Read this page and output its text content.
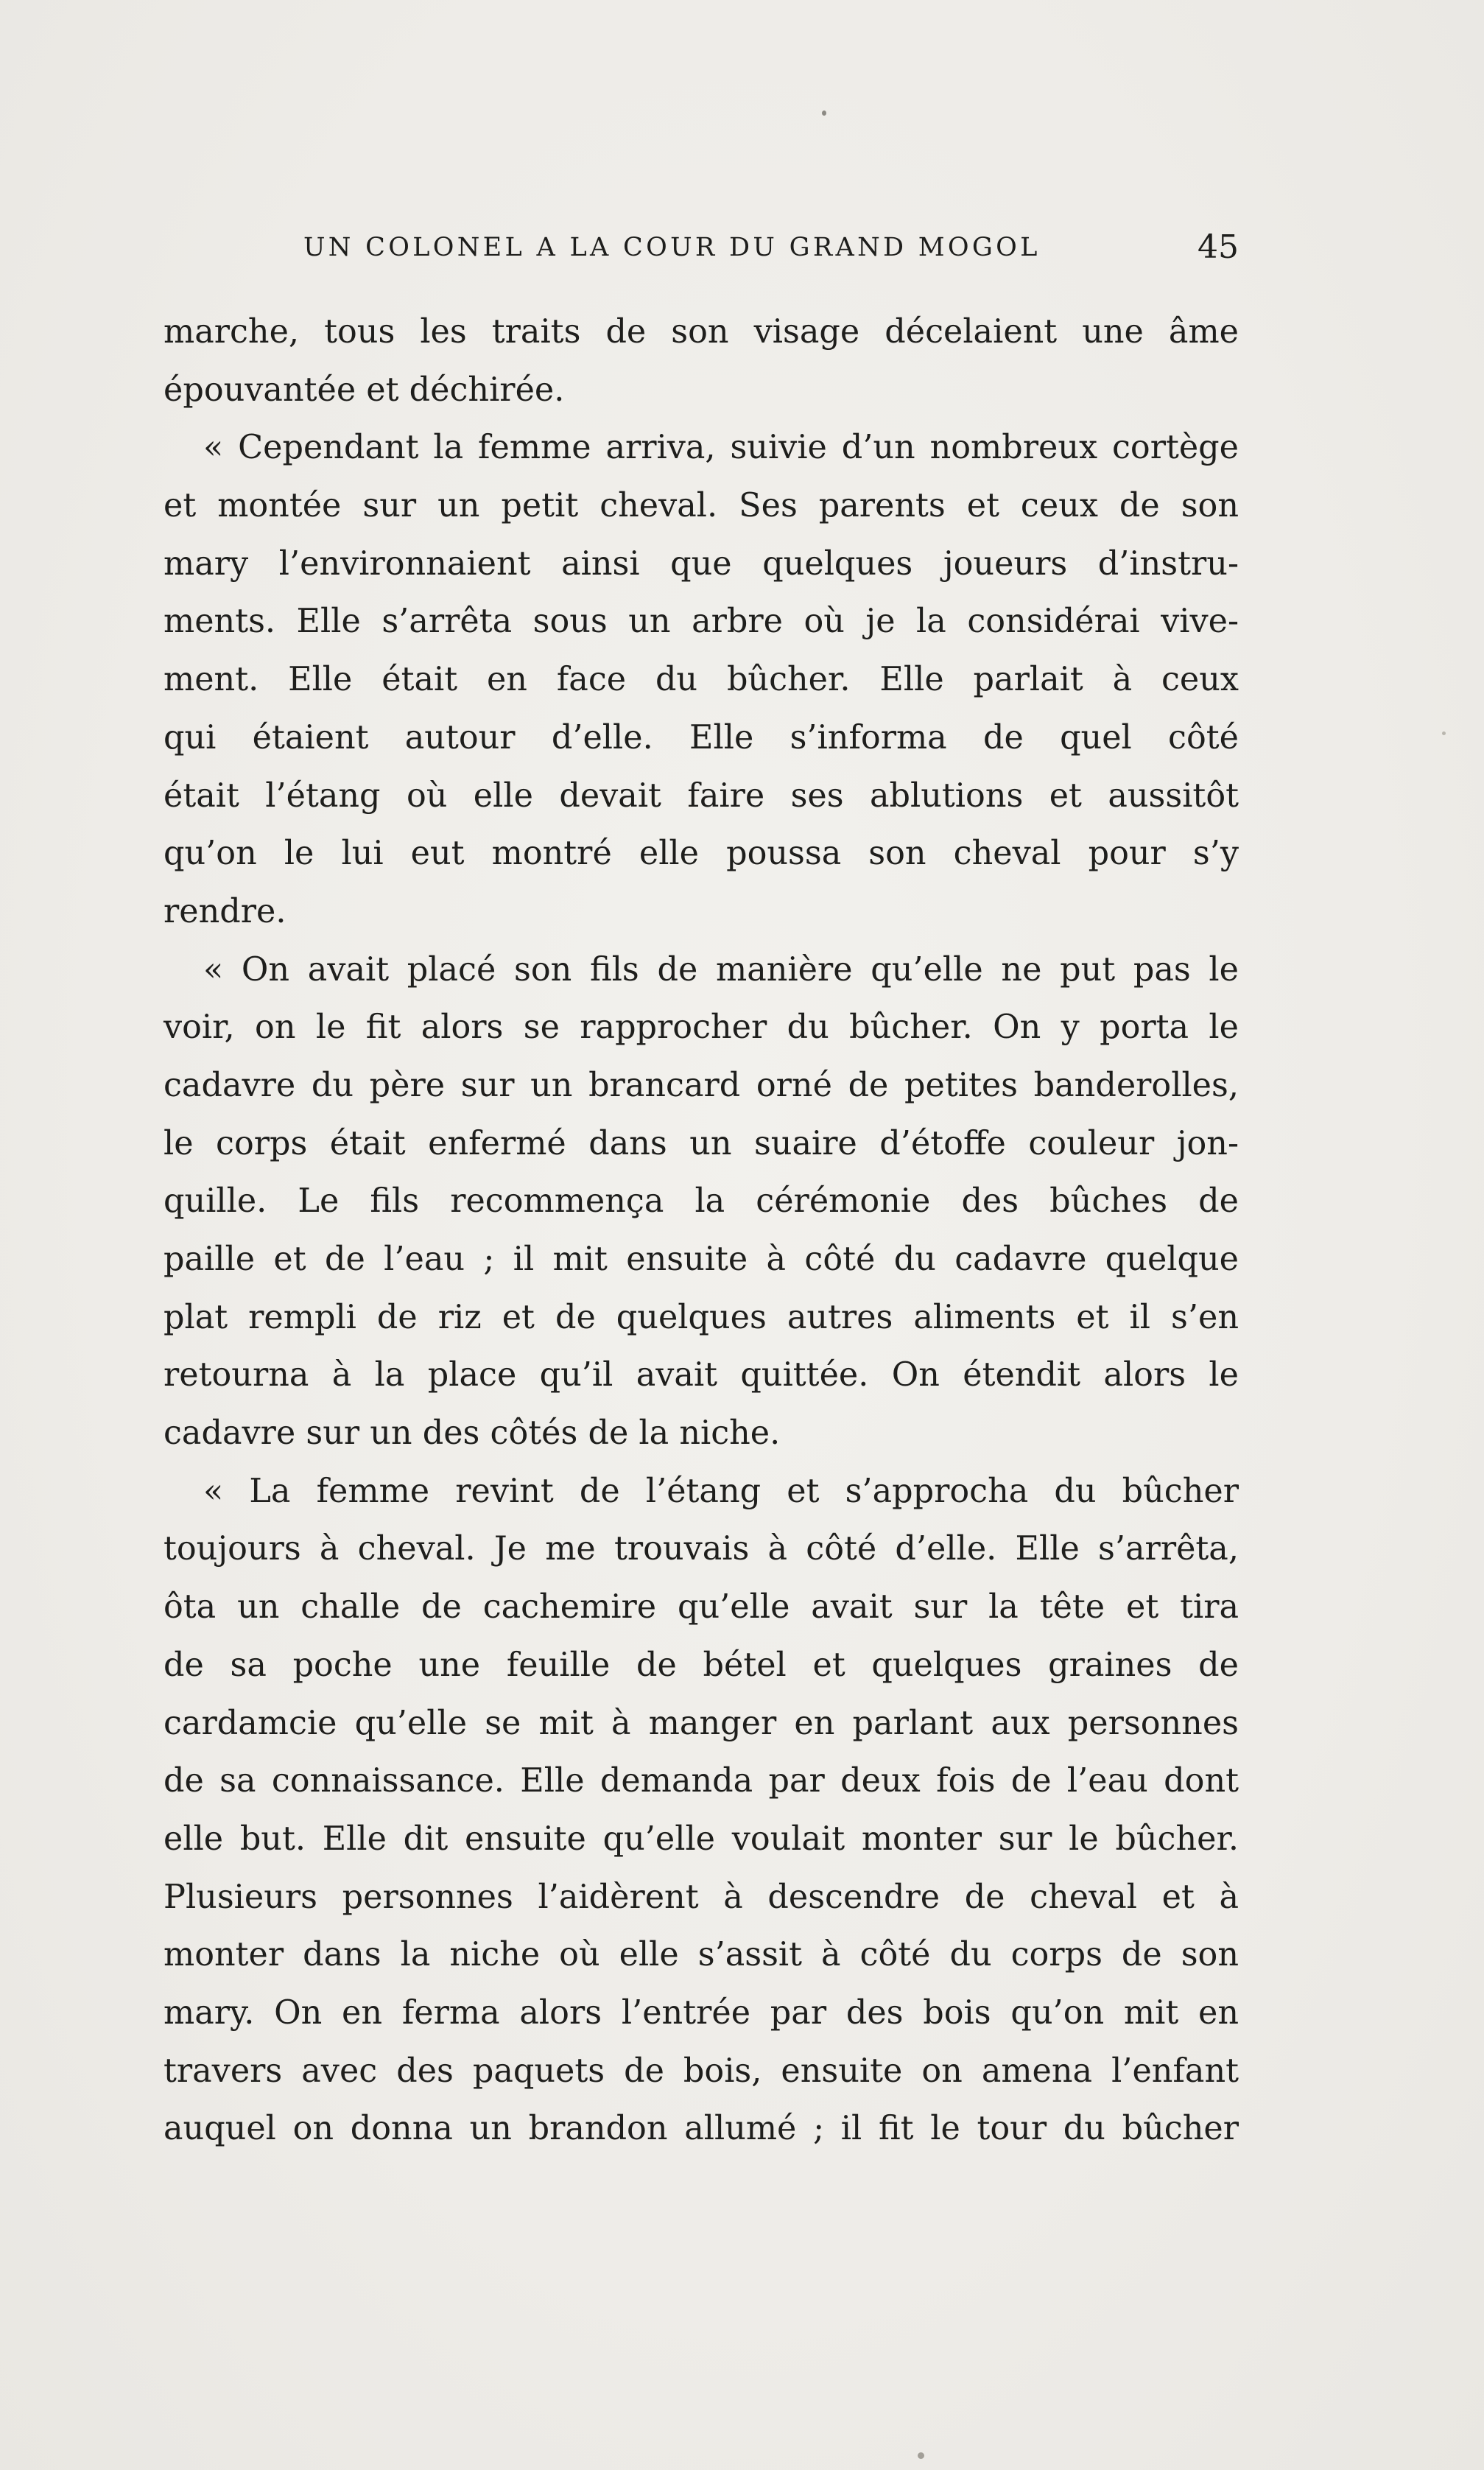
UN COLONEL A LA COUR DU GRAND MOGOL	45
marche, tous les traits de son visage décelaient une âme
épouvantée et déchirée.
« Cependant la femme arriva, suivie d’un nombreux cortège
et montée sur un petit cheval. Ses parents et ceux de son
mary l’environnaient ainsi que quelques joueurs d’instru-
ments. Elle s’arrêta sous un arbre où je la considérai vive-
ment. Elle était en face du bûcher. Elle parlait à ceux
qui étaient autour d’elle. Elle s’informa de quel côté
était l’étang où elle devait faire ses ablutions et aussitôt
qu’on le lui eut montré elle poussa son cheval pour s’y
rendre.
« On avait placé son fils de manière qu’elle ne put pas le
voir, on le fit alors se rapprocher du bûcher. On y porta le
cadavre du père sur un brancard orné de petites banderolles,
le corps était enfermé dans un suaire d’étoffe couleur jon-
quille. Le fils recommença la cérémonie des bûches de
paille et de l’eau ; il mit ensuite à côté du cadavre quelque
plat rempli de riz et de quelques autres aliments et il s’en
retourna à la place qu’il avait quittée. On étendit alors le
cadavre sur un des côtés de la niche.
« La femme revint de l’étang et s’approcha du bûcher
toujours à cheval. Je me trouvais à côté d’elle. Elle s’arrêta,
ôta un challe de cachemire qu’elle avait sur la tête et tira
de sa poche une feuille de bétel et quelques graines de
cardamcie qu’elle se mit à manger en parlant aux personnes
de sa connaissance. Elle demanda par deux fois de l’eau dont
elle but. Elle dit ensuite qu’elle voulait monter sur le bûcher.
Plusieurs personnes l’aidèrent à descendre de cheval et à
monter dans la niche où elle s’assit à côté du corps de son
mary. On en ferma alors l’entrée par des bois qu’on mit en
travers avec des paquets de bois, ensuite on amena l’enfant
auquel on donna un brandon allumé ; il fit le tour du bûcher
